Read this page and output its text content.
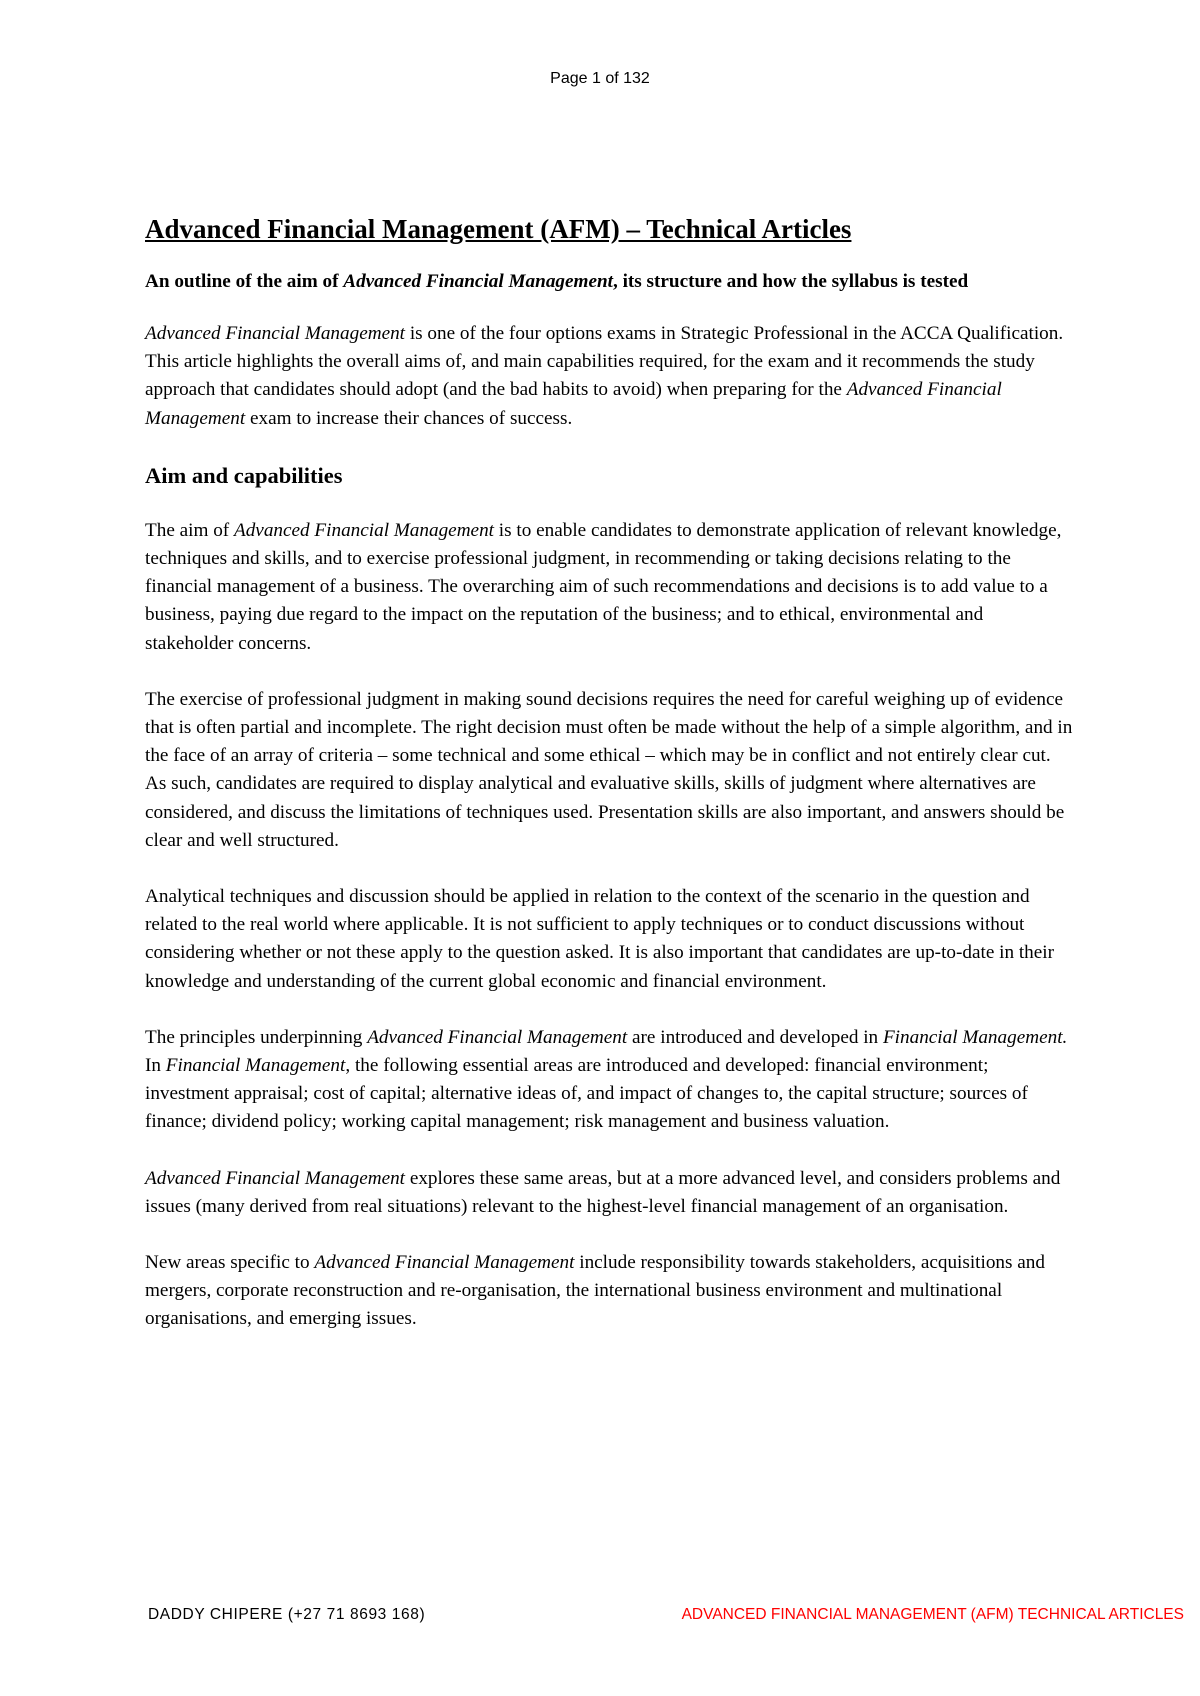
Page 1 of 132
Advanced Financial Management (AFM) – Technical Articles
An outline of the aim of Advanced Financial Management, its structure and how the syllabus is tested

Advanced Financial Management is one of the four options exams in Strategic Professional in the ACCA Qualification. This article highlights the overall aims of, and main capabilities required, for the exam and it recommends the study approach that candidates should adopt (and the bad habits to avoid) when preparing for the Advanced Financial Management exam to increase their chances of success.

Aim and capabilities

The aim of Advanced Financial Management is to enable candidates to demonstrate application of relevant knowledge, techniques and skills, and to exercise professional judgment, in recommending or taking decisions relating to the financial management of a business. The overarching aim of such recommendations and decisions is to add value to a business, paying due regard to the impact on the reputation of the business; and to ethical, environmental and stakeholder concerns.

The exercise of professional judgment in making sound decisions requires the need for careful weighing up of evidence that is often partial and incomplete. The right decision must often be made without the help of a simple algorithm, and in the face of an array of criteria – some technical and some ethical – which may be in conflict and not entirely clear cut. As such, candidates are required to display analytical and evaluative skills, skills of judgment where alternatives are considered, and discuss the limitations of techniques used. Presentation skills are also important, and answers should be clear and well structured.

Analytical techniques and discussion should be applied in relation to the context of the scenario in the question and related to the real world where applicable. It is not sufficient to apply techniques or to conduct discussions without considering whether or not these apply to the question asked. It is also important that candidates are up-to-date in their knowledge and understanding of the current global economic and financial environment.

The principles underpinning Advanced Financial Management are introduced and developed in Financial Management. In Financial Management, the following essential areas are introduced and developed: financial environment; investment appraisal; cost of capital; alternative ideas of, and impact of changes to, the capital structure; sources of finance; dividend policy; working capital management; risk management and business valuation.

Advanced Financial Management explores these same areas, but at a more advanced level, and considers problems and issues (many derived from real situations) relevant to the highest-level financial management of an organisation.

New areas specific to Advanced Financial Management include responsibility towards stakeholders, acquisitions and mergers, corporate reconstruction and re-organisation, the international business environment and multinational organisations, and emerging issues.

DADDY CHIPERE (+27 71 8693 168)	ADVANCED FINANCIAL MANAGEMENT (AFM) TECHNICAL ARTICLES
